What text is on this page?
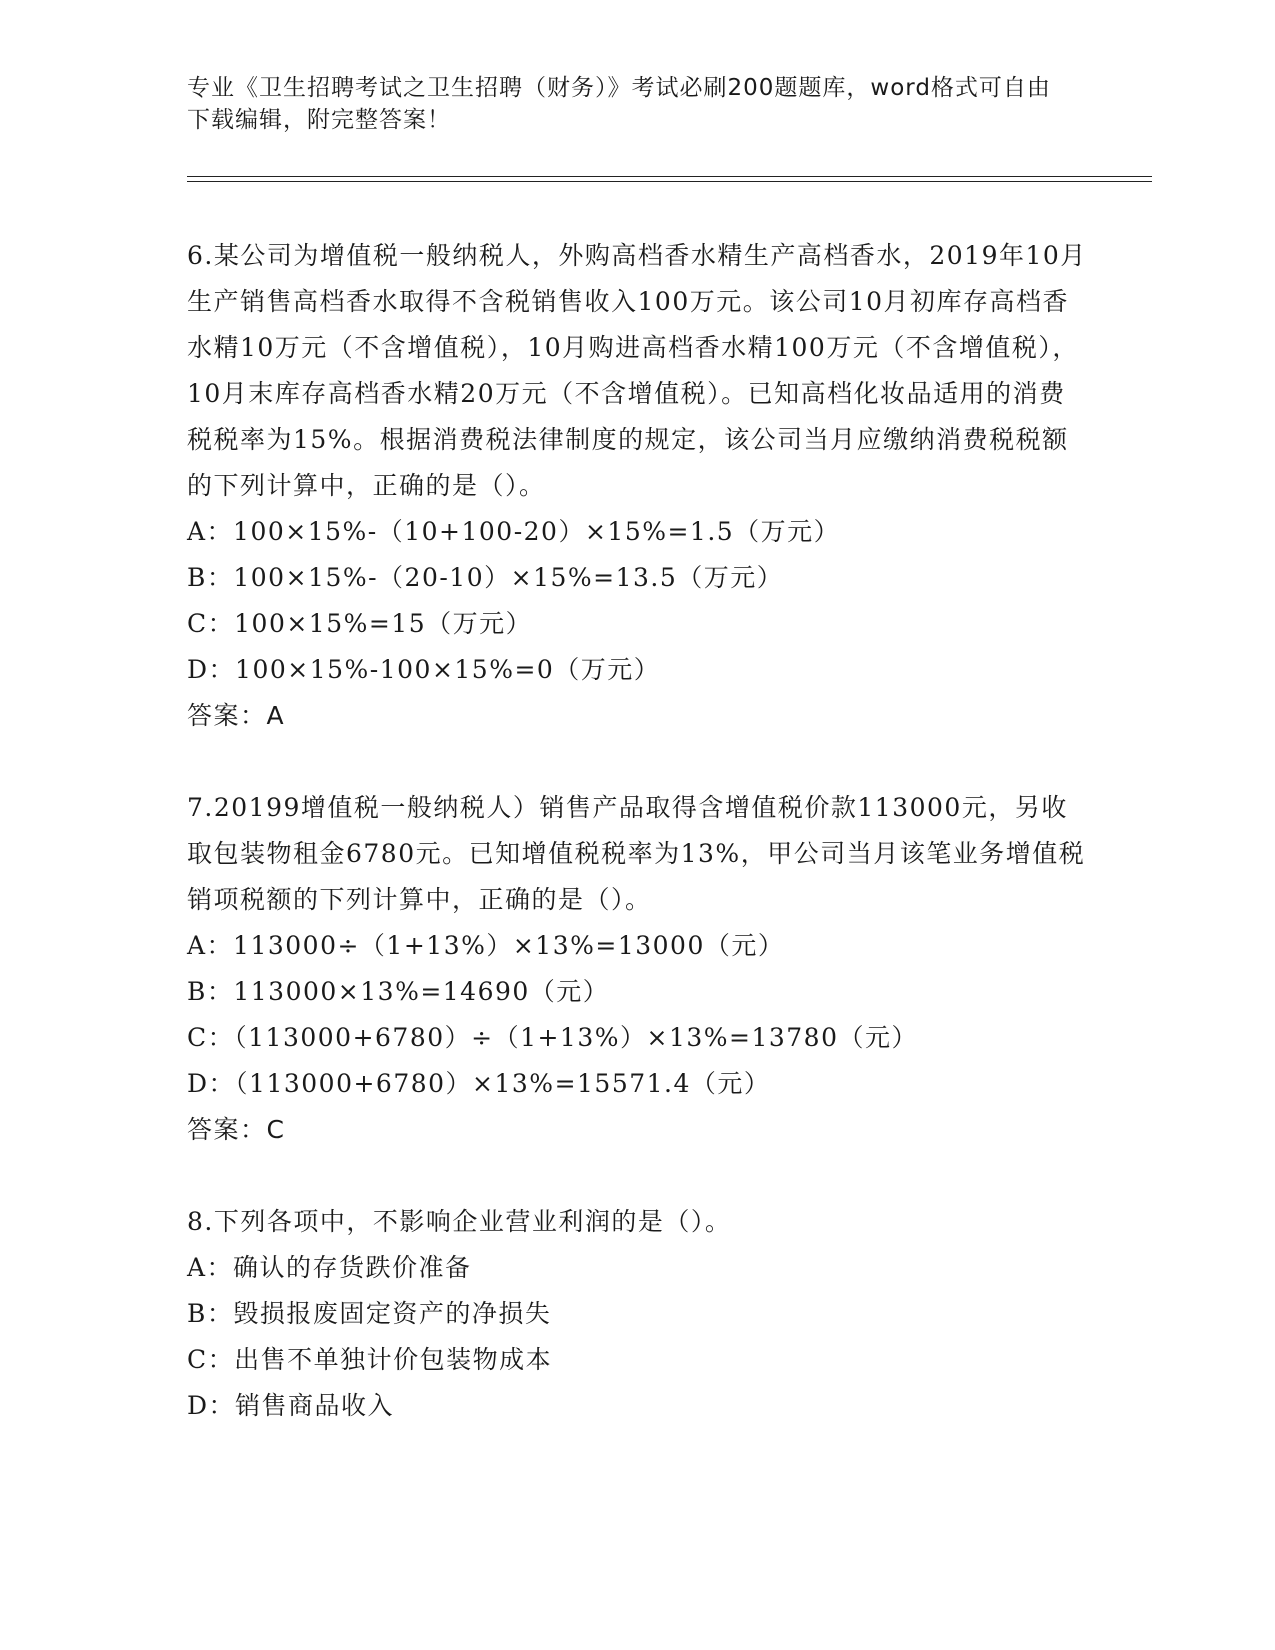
专业《卫生招聘考试之卫生招聘（财务）》考试必刷200题题库，word格式可自由下载编辑，附完整答案！

6.某公司为增值税一般纳税人，外购高档香水精生产高档香水，2019年10月生产销售高档香水取得不含税销售收入100万元。该公司10月初库存高档香水精10万元（不含增值税），10月购进高档香水精100万元（不含增值税），10月末库存高档香水精20万元（不含增值税）。已知高档化妆品适用的消费税税率为15%。根据消费税法律制度的规定，该公司当月应缴纳消费税税额的下列计算中，正确的是（）。

A：100×15%-（10+100-20）×15%=1.5（万元）

B：100×15%-（20-10）×15%=13.5（万元）

C：100×15%=15（万元）

D：100×15%-100×15%=0（万元）

答案：A

7.20199增值税一般纳税人）销售产品取得含增值税价款113000元，另收取包装物租金6780元。已知增值税税率为13%，甲公司当月该笔业务增值税销项税额的下列计算中，正确的是（）。

A：113000÷（1+13%）×13%=13000（元）

B：113000×13%=14690（元）

C：（113000+6780）÷（1+13%）×13%=13780（元）

D：（113000+6780）×13%=15571.4（元）

答案：C

8.下列各项中，不影响企业营业利润的是（）。

A：确认的存货跌价准备

B：毁损报废固定资产的净损失

C：出售不单独计价包装物成本

D：销售商品收入
